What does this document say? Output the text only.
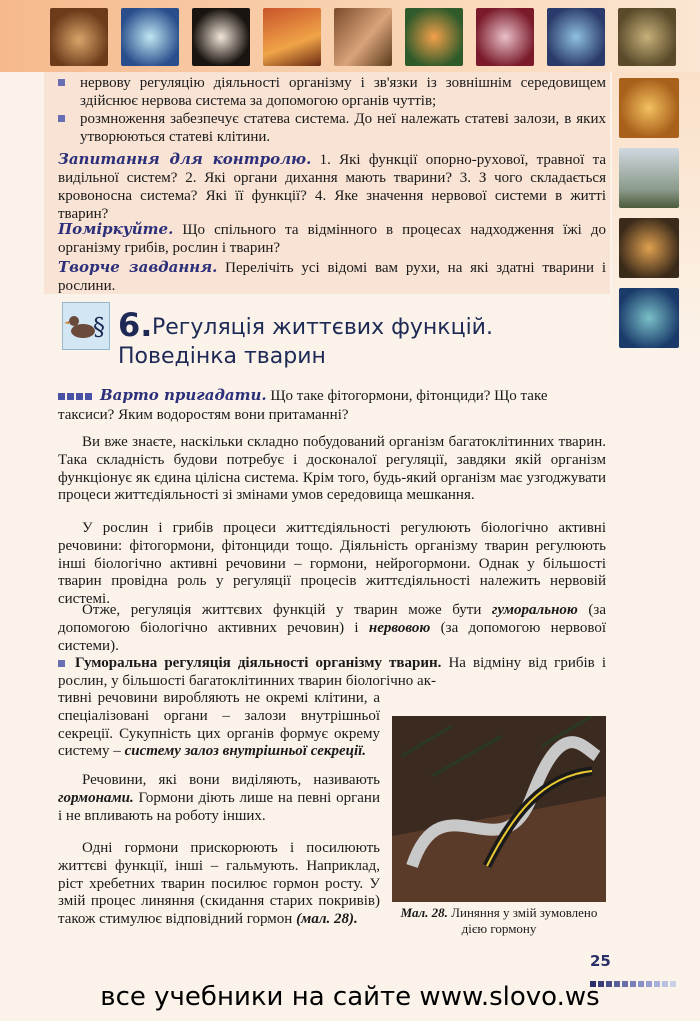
нервову регуляцію діяльності організму і зв'язки із зовнішнім середовищем здійснює нервова система за допомогою органів чуттів;
розмноження забезпечує статева система. До неї належать статеві залози, в яких утворюються статеві клітини.
Запитання для контролю. 1. Які функції опорно-рухової, травної та видільної систем? 2. Які органи дихання мають тварини? 3. З чого складається кровоносна система? Які її функції? 4. Яке значення нервової системи в житті тварин?
Поміркуйте. Що спільного та відмінного в процесах надходження їжі до організму грибів, рослин і тварин?
Творче завдання. Перелічіть усі відомі вам рухи, на які здатні тварини і рослини.
§ 6. Регуляція життєвих функцій.
Поведінка тварин
Варто пригадати. Що таке фітогормони, фітонциди? Що таке таксиси? Яким водоростям вони притаманні?

Ви вже знаєте, наскільки складно побудований організм багатоклітинних тварин. Така складність будови потребує і досконалої регуляції, завдяки якій організм функціонує як єдина цілісна система. Крім того, будь-який організм має узгоджувати процеси життєдіяльності зі змінами умов середовища мешкання.

У рослин і грибів процеси життєдіяльності регулюють біологічно активні речовини: фітогормони, фітонциди тощо. Діяльність організму тварин регулюють інші біологічно активні речовини – гормони, нейрогормони. Однак у більшості тварин провідна роль у регуляції процесів життєдіяльності належить нервовій системі.

Отже, регуляція життєвих функцій у тварин може бути гуморальною (за допомогою біологічно активних речовин) і нервовою (за допомогою нервової системи).

Гуморальна регуляція діяльності організму тварин. На відміну від грибів і рослин, у більшості багатоклітинних тварин біологічно ак-

тивні речовини виробляють не окремі клітини, а спеціалізовані органи – залози внутрішньої секреції. Сукупність цих органів формує окрему систему – систему залоз внутрішньої секреції.

Речовини, які вони виділяють, називають гормонами. Гормони діють лише на певні органи і не впливають на роботу інших.

Одні гормони прискорюють і посилюють життєві функції, інші – гальмують. Наприклад, ріст хребетних тварин посилює гормон росту. У змій процес линяння (скидання старих покривів) також стимулює відповідний гормон (мал. 28).	Мал. 28. Линяння у змій зумовлено дією гормону
25
все учебники на сайте www.slovo.ws
